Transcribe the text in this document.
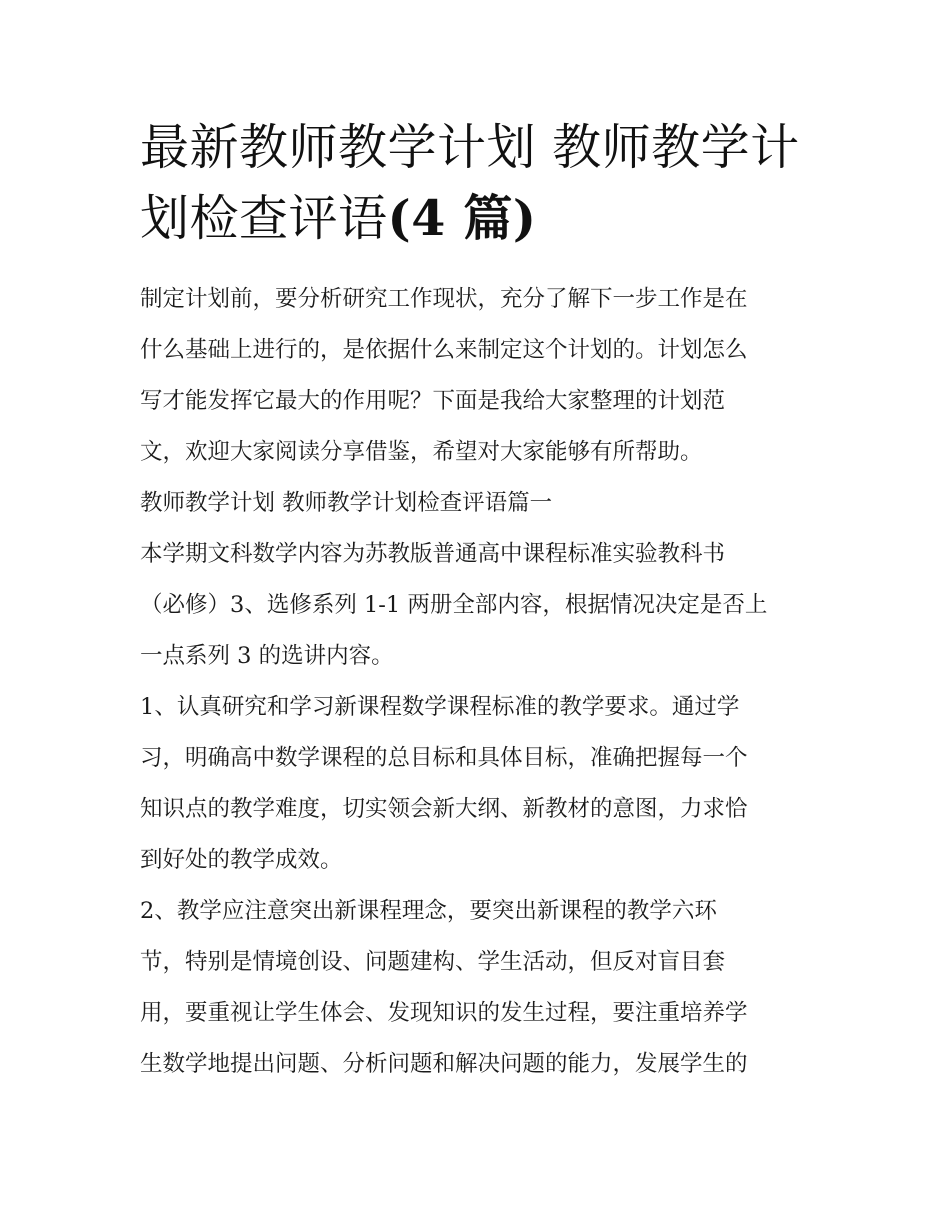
最新教师教学计划 教师教学计
划检查评语(4 篇)

制定计划前，要分析研究工作现状，充分了解下一步工作是在
什么基础上进行的，是依据什么来制定这个计划的。计划怎么
写才能发挥它最大的作用呢？下面是我给大家整理的计划范
文，欢迎大家阅读分享借鉴，希望对大家能够有所帮助。

教师教学计划 教师教学计划检查评语篇一

本学期文科数学内容为苏教版普通高中课程标准实验教科书
（必修）3、选修系列 1-1 两册全部内容，根据情况决定是否上
一点系列 3 的选讲内容。

1、认真研究和学习新课程数学课程标准的教学要求。通过学
习，明确高中数学课程的总目标和具体目标，准确把握每一个
知识点的教学难度，切实领会新大纲、新教材的意图，力求恰
到好处的教学成效。

2、教学应注意突出新课程理念，要突出新课程的教学六环
节，特别是情境创设、问题建构、学生活动，但反对盲目套
用，要重视让学生体会、发现知识的发生过程，要注重培养学
生数学地提出问题、分析问题和解决问题的能力，发展学生的
